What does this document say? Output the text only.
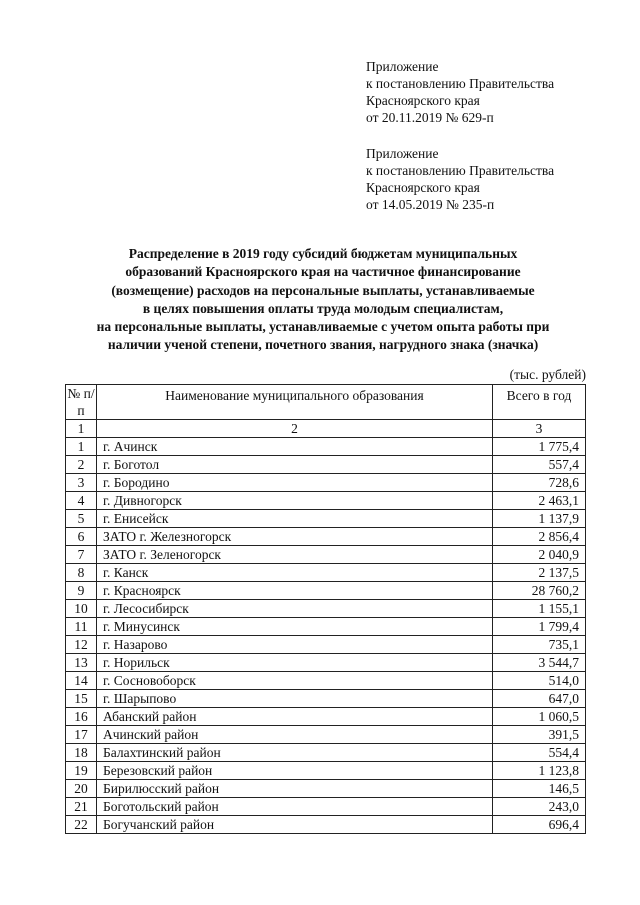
Приложение
к постановлению Правительства
Красноярского края
от 20.11.2019 № 629-п
Приложение
к постановлению Правительства
Красноярского края
от 14.05.2019 № 235-п
Распределение в 2019 году субсидий бюджетам муниципальных
образований Красноярского края на частичное финансирование
(возмещение) расходов на персональные выплаты, устанавливаемые
в целях повышения оплаты труда молодым специалистам,
на персональные выплаты, устанавливаемые с учетом опыта работы при
наличии ученой степени, почетного звания, нагрудного знака (значка)
(тыс. рублей)
№ п/п	Наименование муниципального образования	Всего в год
1	2	3
1	г. Ачинск	1 775,4
2	г. Боготол	557,4
3	г. Бородино	728,6
4	г. Дивногорск	2 463,1
5	г. Енисейск	1 137,9
6	ЗАТО г. Железногорск	2 856,4
7	ЗАТО г. Зеленогорск	2 040,9
8	г. Канск	2 137,5
9	г. Красноярск	28 760,2
10	г. Лесосибирск	1 155,1
11	г. Минусинск	1 799,4
12	г. Назарово	735,1
13	г. Норильск	3 544,7
14	г. Сосновоборск	514,0
15	г. Шарыпово	647,0
16	Абанский район	1 060,5
17	Ачинский район	391,5
18	Балахтинский район	554,4
19	Березовский район	1 123,8
20	Бирилюсский район	146,5
21	Боготольский район	243,0
22	Богучанский район	696,4
